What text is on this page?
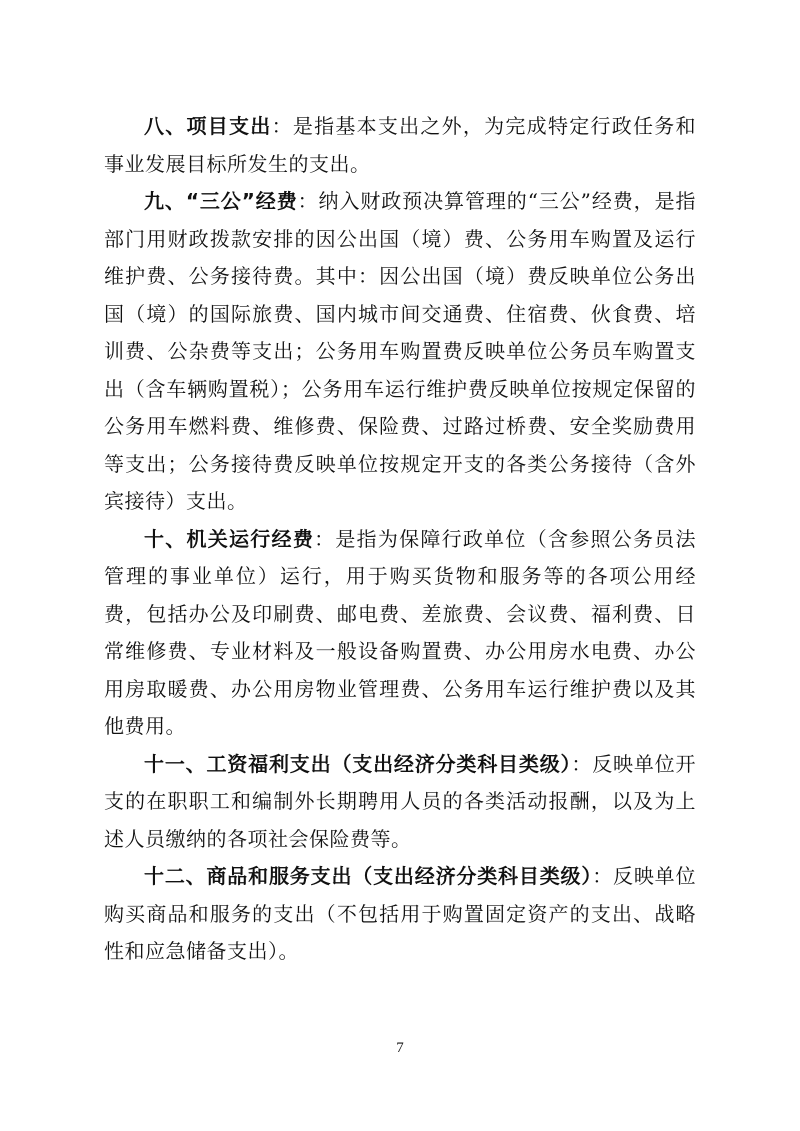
八、项目支出：是指基本支出之外，为完成特定行政任务和事业发展目标所发生的支出。

九、“三公”经费：纳入财政预决算管理的“三公”经费，是指部门用财政拨款安排的因公出国（境）费、公务用车购置及运行维护费、公务接待费。其中：因公出国（境）费反映单位公务出国（境）的国际旅费、国内城市间交通费、住宿费、伙食费、培训费、公杂费等支出；公务用车购置费反映单位公务员车购置支出（含车辆购置税）；公务用车运行维护费反映单位按规定保留的公务用车燃料费、维修费、保险费、过路过桥费、安全奖励费用等支出；公务接待费反映单位按规定开支的各类公务接待（含外宾接待）支出。

十、机关运行经费：是指为保障行政单位（含参照公务员法管理的事业单位）运行，用于购买货物和服务等的各项公用经费，包括办公及印刷费、邮电费、差旅费、会议费、福利费、日常维修费、专业材料及一般设备购置费、办公用房水电费、办公用房取暖费、办公用房物业管理费、公务用车运行维护费以及其他费用。

十一、工资福利支出（支出经济分类科目类级）：反映单位开支的在职职工和编制外长期聘用人员的各类活动报酬，以及为上述人员缴纳的各项社会保险费等。

十二、商品和服务支出（支出经济分类科目类级）：反映单位购买商品和服务的支出（不包括用于购置固定资产的支出、战略性和应急储备支出）。

7
